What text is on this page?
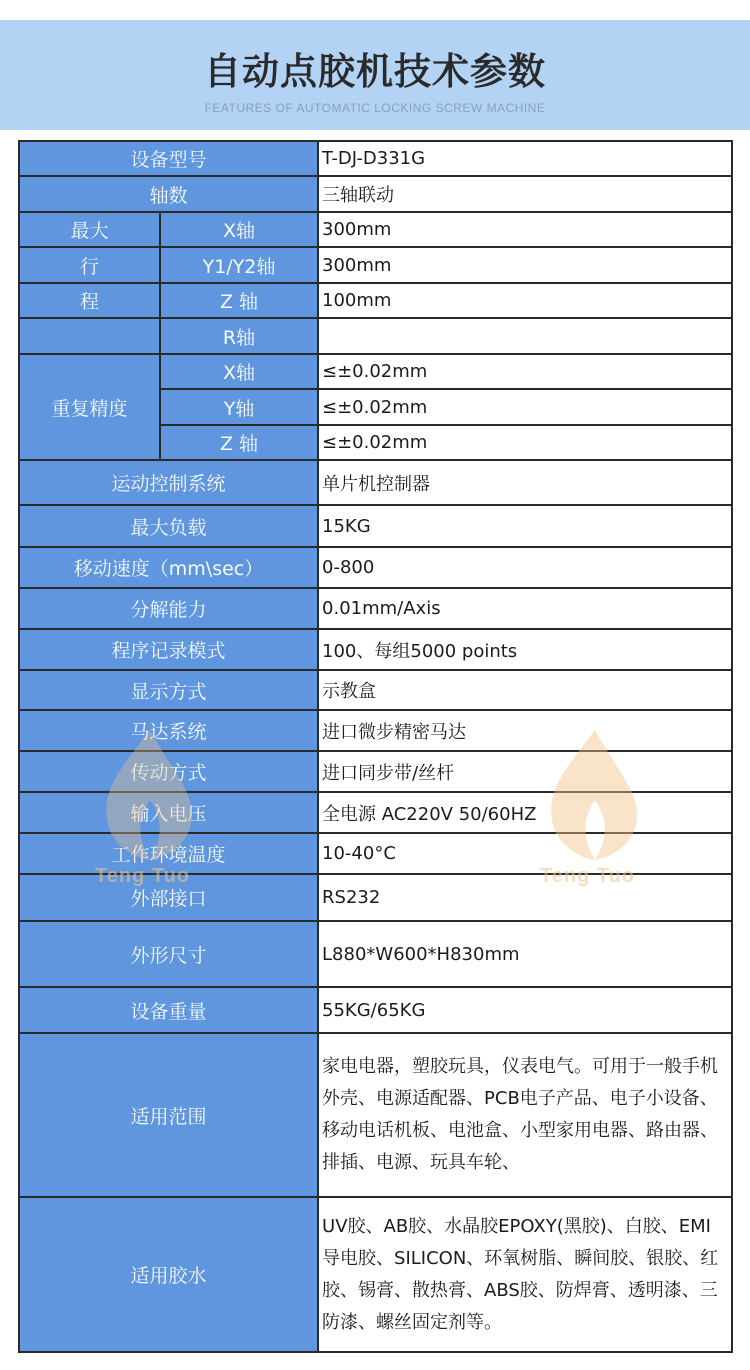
自动点胶机技术参数
FEATURES OF AUTOMATIC LOCKING SCREW MACHINE
设备型号		T-DJ-D331G
轴数		三轴联动
最大	X轴	300mm
行	Y1/Y2轴	300mm
程	Z 轴	100mm
	R轴	
重复精度	X轴	≤±0.02mm
	Y轴	≤±0.02mm
	Z 轴	≤±0.02mm
运动控制系统		单片机控制器
最大负载		15KG
移动速度（mm\sec）		0-800
分解能力		0.01mm/Axis
程序记录模式		100、每组5000 points
显示方式		示教盒
马达系统		进口微步精密马达
传动方式		进口同步带/丝杆
输入电压		全电源 AC220V 50/60HZ
工作环境温度		10-40°C
外部接口		RS232
外形尺寸		L880*W600*H830mm
设备重量		55KG/65KG
适用范围		家电电器，塑胶玩具，仪表电气。可用于一般手机外壳、电源适配器、PCB电子产品、电子小设备、移动电话机板、电池盒、小型家用电器、路由器、排插、电源、玩具车轮、
适用胶水		UV胶、AB胶、水晶胶EPOXY(黑胶)、白胶、EMI导电胶、SILICON、环氧树脂、瞬间胶、银胶、红胶、锡膏、散热膏、ABS胶、防焊膏、透明漆、三防漆、螺丝固定剂等。
Teng Tuo	Teng Tuo
